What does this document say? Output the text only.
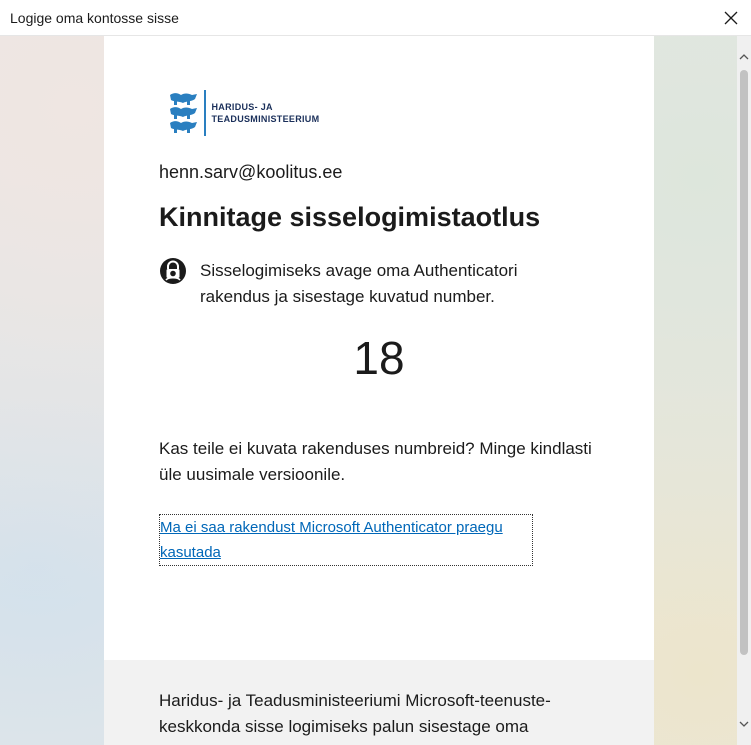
Logige oma kontosse sisse
HARIDUS- JA
TEADUSMINISTEERIUM
henn.sarv@koolitus.ee
Kinnitage sisselogimistaotlus
Sisselogimiseks avage oma Authenticatori rakendus ja sisestage kuvatud number.
18
Kas teile ei kuvata rakenduses numbreid? Minge kindlasti üle uusimale versioonile.
Ma ei saa rakendust Microsoft Authenticator praegu kasutada
Haridus- ja Teadusministeeriumi Microsoft-teenuste-keskkonda sisse logimiseks palun sisestage oma
